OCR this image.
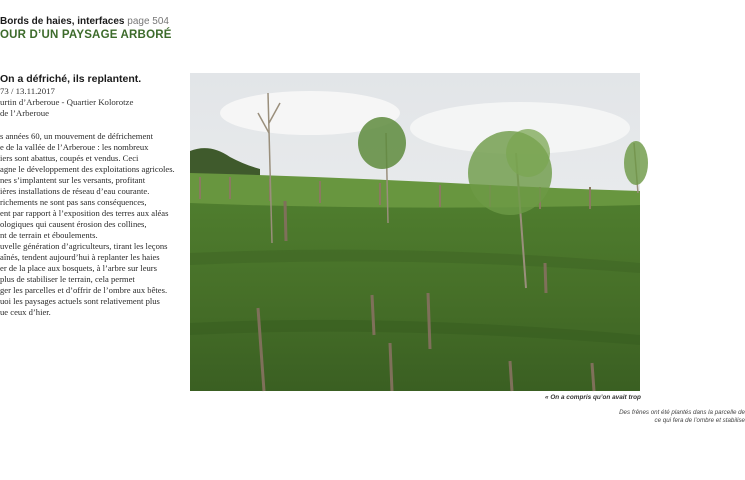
Bords de haies, interfaces page 504
OUR D’UN PAYSAGE ARBORÉ
On a défriché, ils replantent.
73 / 13.11.2017
urtin d’Arberoue - Quartier Kolorotze
de l’Arberoue
s années 60, un mouvement de défrichement
e de la vallée de l’Arberoue : les nombreux
iers sont abattus, coupés et vendus. Ceci
agne le développement des exploitations agricoles.
nes s’implantent sur les versants, profitant
ières installations de réseau d’eau courante.
richements ne sont pas sans conséquences,
ent par rapport à l’exposition des terres aux aléas
ologiques qui causent érosion des collines,
nt de terrain et éboulements.
uvelle génération d’agriculteurs, tirant les leçons
aînés, tendent aujourd’hui à replanter les haies
er de la place aux bosquets, à l’arbre sur leurs
plus de stabiliser le terrain, cela permet
ger les parcelles et d’offrir de l’ombre aux bêtes.
uoi les paysages actuels sont relativement plus
ue ceux d’hier.
« On a compris qu’on avait trop
Des frênes ont été plantés dans la parcelle de
ce qui fera de l’ombre et stabilise
